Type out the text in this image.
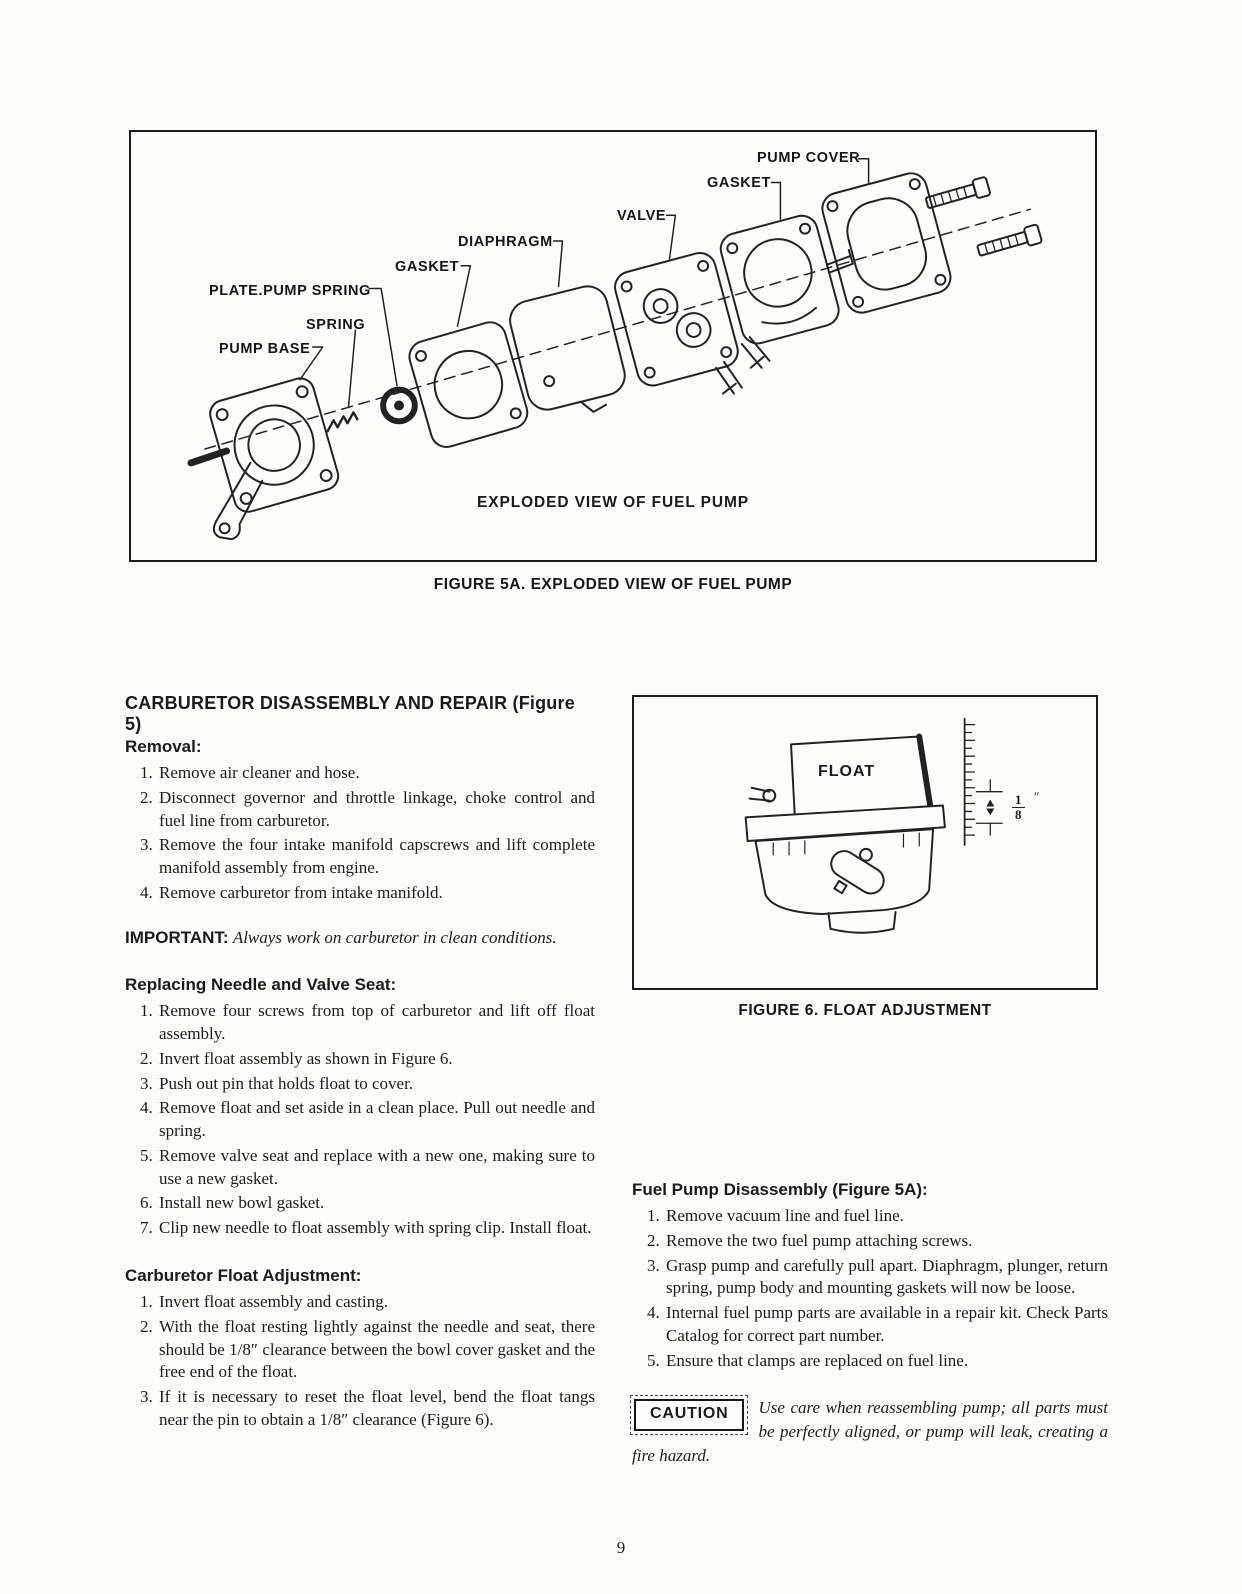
PUMP COVER
GASKET
VALVE
DIAPHRAGM
GASKET
PLATE.PUMP SPRING
SPRING
PUMP BASE
EXPLODED VIEW OF FUEL PUMP
FIGURE 5A. EXPLODED VIEW OF FUEL PUMP
CARBURETOR DISASSEMBLY AND REPAIR (Figure 5)
Removal:
1. Remove air cleaner and hose.
2. Disconnect governor and throttle linkage, choke control and fuel line from carburetor.
3. Remove the four intake manifold capscrews and lift complete manifold assembly from engine.
4. Remove carburetor from intake manifold.

IMPORTANT: Always work on carburetor in clean conditions.

Replacing Needle and Valve Seat:
1. Remove four screws from top of carburetor and lift off float assembly.
2. Invert float assembly as shown in Figure 6.
3. Push out pin that holds float to cover.
4. Remove float and set aside in a clean place. Pull out needle and spring.
5. Remove valve seat and replace with a new one, making sure to use a new gasket.
6. Install new bowl gasket.
7. Clip new needle to float assembly with spring clip. Install float.
Carburetor Float Adjustment:
1. Invert float assembly and casting.
2. With the float resting lightly against the needle and seat, there should be 1/8″ clearance between the bowl cover gasket and the free end of the float.
3. If it is necessary to reset the float level, bend the float tangs near the pin to obtain a 1/8″ clearance (Figure 6).
FLOAT
$\frac{1}{8}$ ″
FIGURE 6. FLOAT ADJUSTMENT
Fuel Pump Disassembly (Figure 5A):
1. Remove vacuum line and fuel line.
2. Remove the two fuel pump attaching screws.
3. Grasp pump and carefully pull apart. Diaphragm, plunger, return spring, pump body and mounting gaskets will now be loose.
4. Internal fuel pump parts are available in a repair kit. Check Parts Catalog for correct part number.
5. Ensure that clamps are replaced on fuel line.

CAUTION	Use care when reassembling pump; all parts must be perfectly aligned, or pump will leak, creating a fire hazard.

9
